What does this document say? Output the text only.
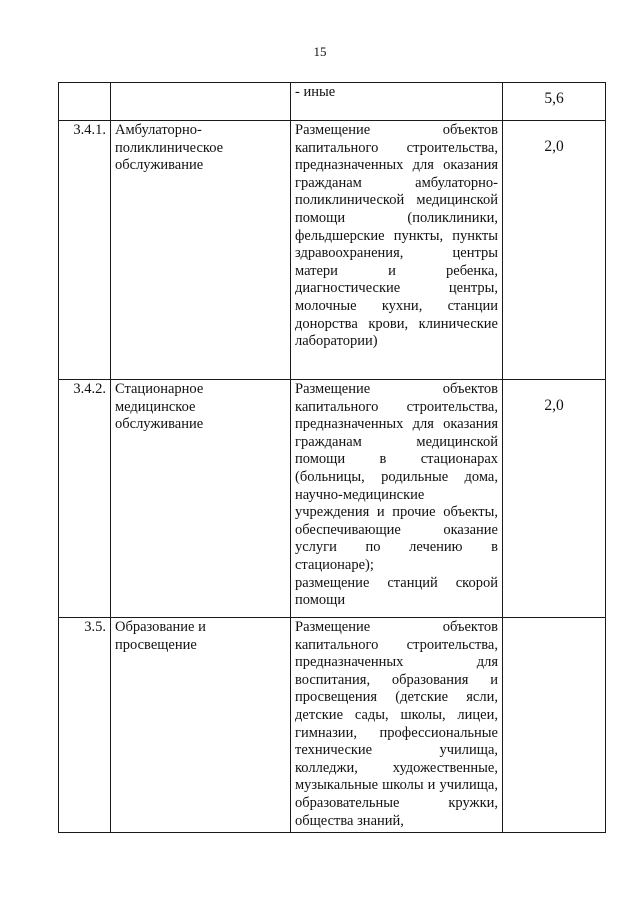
15

		- иные	5,6

3.4.1.	Амбулаторно-поликлиническое обслуживание	Размещение объектов капитального строительства, предназначенных для оказания гражданам амбулаторно-поликлинической медицинской помощи (поликлиники, фельдшерские пункты, пункты здравоохранения, центры матери и ребенка, диагностические центры, молочные кухни, станции донорства крови, клинические лаборатории)	2,0

3.4.2.	Стационарное медицинское обслуживание	Размещение объектов капитального строительства, предназначенных для оказания гражданам медицинской помощи в стационарах (больницы, родильные дома, научно-медицинские учреждения и прочие объекты, обеспечивающие оказание услуги по лечению в стационаре);

размещение станций скорой помощи	2,0

3.5.	Образование и просвещение	Размещение объектов капитального строительства, предназначенных для воспитания, образования и просвещения (детские ясли, детские сады, школы, лицеи, гимназии, профессиональные технические училища, колледжи, художественные, музыкальные школы и училища, образовательные кружки, общества знаний,	
